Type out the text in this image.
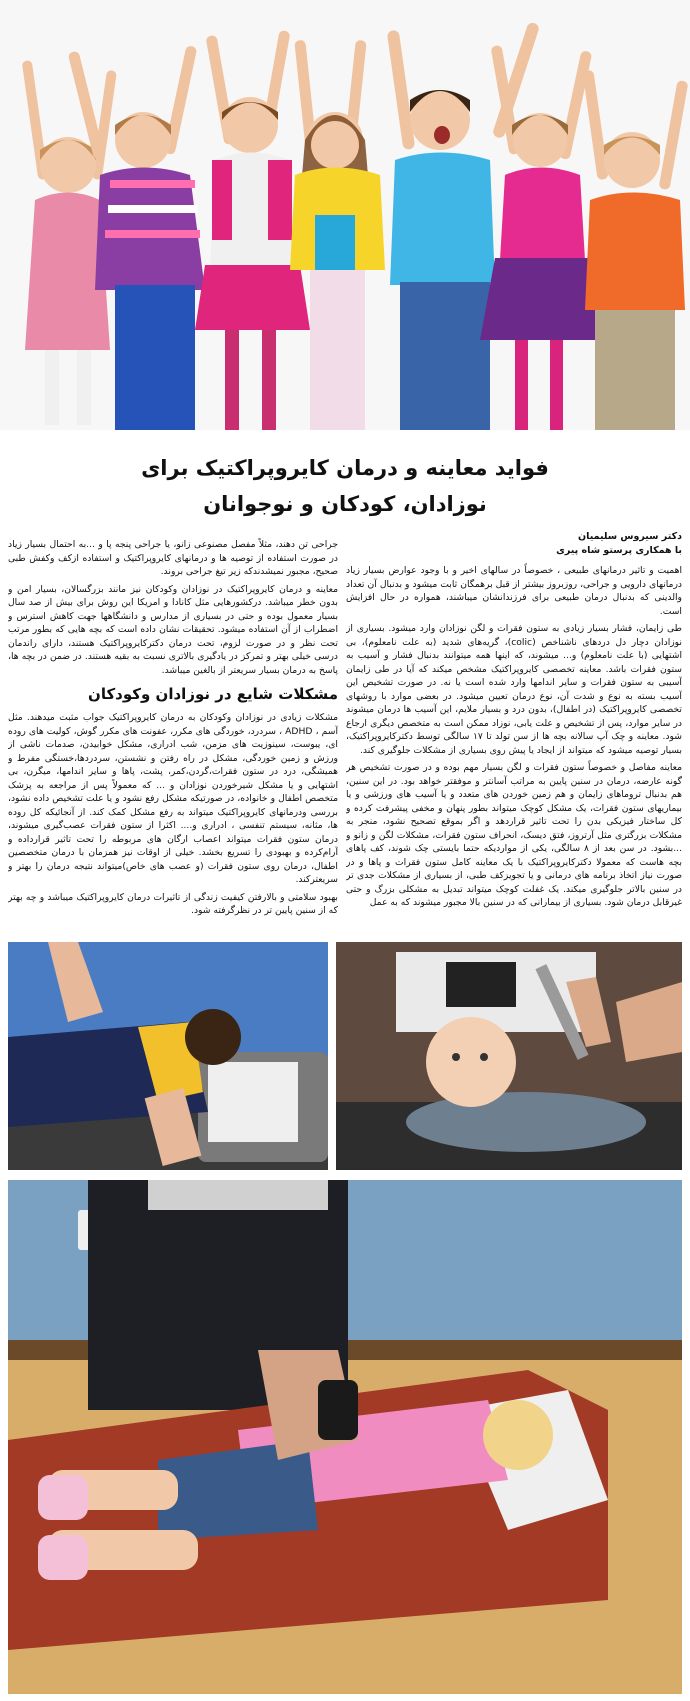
فواید معاینه و درمان کایروپراکتیک برای
نوزادان، کودکان و نوجوانان
دکتر سیروس سلیمیان
با همکاری پرستو شاه پیری

اهمیت و تاثیر درمانهای طبیعی ، خصوصاً در سالهای اخیر و با وجود عوارض بسیار زیاد درمانهای دارویی و جراحی، روزبروز بیشتر از قبل برهمگان ثابت میشود و بدنبال آن تعداد والدینی که بدنبال درمان طبیعی برای فرزندانشان میباشند، همواره در حال افزایش است.

طی زایمان، فشار بسیار زیادی به ستون فقرات و لگن نوزادان وارد میشود. بسیاری از نوزادان دچار دل دردهای ناشناخص (colic)، گریه‌های شدید (به علت نامعلوم)، بی اشتهایی (با علت نامعلوم) و... میشوند، که اینها همه میتوانند بدنبال فشار و آسیب به ستون فقرات باشد. معاینه تخصصی کایروپراکتیک مشخص میکند که آیا در طی زایمان آسیبی به ستون فقرات و سایر اندامها وارد شده است یا نه. در صورت تشخیص این آسیب بسته به نوع و شدت آن، نوع درمان تعیین میشود. در بعضی موارد با روشهای تخصصی کایروپراکتیک (در اطفال)، بدون درد و بسیار ملایم، این آسیب ها درمان میشوند در سایر موارد، پس از تشخیص و علت یابی، نوزاد ممکن است به متخصص دیگری ارجاع شود. معاینه و چک آپ سالانه بچه ها از سن تولد تا ۱۷ سالگی توسط دکترکایروپراکتیک، بسیار توصیه میشود که میتواند از ایجاد یا پیش روی بسیاری از مشکلات جلوگیری کند.

معاینه مفاصل و خصوصاً ستون فقرات و لگن بسیار مهم بوده و در صورت تشخیص هر گونه عارضه، درمان در سنین پایین به مراتب آسانتر و موفقتر خواهد بود. در این سنین، هم بدنبال تروماهای زایمان و هم زمین خوردن های متعدد و یا آسیب های ورزشی و یا بیماریهای ستون فقرات، یک مشکل کوچک میتواند بطور پنهان و مخفی پیشرفت کرده و کل ساختار فیزیکی بدن را تحت تاثیر قراردهد و اگر بموقع تصحیح نشود، منجر به مشکلات بزرگتری مثل آرتروز، فتق دیسک، انحراف ستون فقرات، مشکلات لگن و زانو و ...بشود. در سن بعد از ۸ سالگی، یکی از مواردیکه حتما بایستی چک شوند، کف پاهای بچه هاست که معمولا دکترکایروپراکتیک با یک معاینه کامل ستون فقرات و پاها و در صورت نیاز اتخاذ برنامه های درمانی و یا تجویزکف طبی، از بسیاری از مشکلات جدی تر در سنین بالاتر جلوگیری میکند. یک غفلت کوچک میتواند تبدیل به مشکلی بزرگ و حتی غیرقابل درمان شود. بسیاری از بیمارانی که در سنین بالا مجبور میشوند که به عمل

جراحی تن دهند، مثلاً مفصل مصنوعی زانو، یا جراحی پنجه پا و ...به احتمال بسیار زیاد در صورت استفاده از توصیه ها و درمانهای کایروپراکتیک و استفاده ازکف وکفش طبی صحیح، مجبور نمیشدندکه زیر تیغ جراحی بروند.

معاینه و درمان کایروپراکتیک در نوزادان وکودکان نیز مانند بزرگسالان، بسیار امن و بدون خطر میباشد. درکشورهایی مثل کانادا و امریکا این روش برای بیش از صد سال بسیار معمول بوده و حتی در بسیاری از مدارس و دانشگاهها جهت کاهش استرس و اضطراب از آن استفاده میشود. تحقیقات نشان داده است که بچه هایی که بطور مرتب تحت نظر و در صورت لزوم، تحت درمان دکترکایروپراکتیک هستند، دارای راندمان درسی خیلی بهتر و تمرکز در یادگیری بالاتری نسبت به بقیه هستند. در ضمن در بچه ها، پاسخ به درمان بسیار سریعتر از بالغین میباشد.

مشکلات شایع در نوزادان وکودکان

مشکلات زیادی در نوزادان وکودکان به درمان کایروپراکتیک جواب مثبت میدهند. مثل آسم ، ADHD ، سردرد، خوردگی های مکرر، عفونت های مکرر گوش، کولیت های روده ای، یبوست، سینوزیت های مزمن، شب ادراری، مشکل خوابیدن، صدمات ناشی از ورزش و زمین خوردگی، مشکل در راه رفتن و نشستن، سردردها،خستگی مفرط و همیشگی، درد در ستون فقرات،گردن،کمر، پشت، پاها و سایر اندامها، میگرن، بی اشتهایی و یا مشکل شیرخوردن نوزادان و ... که معمولاً پس از مراجعه به پزشک متخصص اطفال و خانواده، در صورتیکه مشکل رفع نشود و یا علت تشخیص داده نشود، بررسی ودرمانهای کایروپراکتیک میتواند به رفع مشکل کمک کند. از آنجائیکه کل روده ها، مثانه، سیستم تنفسی ، ادراری و.... اکثرا از ستون فقرات عصب‌گیری میشوند، درمان ستون فقرات میتواند اعصاب ارگان های مربوطه را تحت تاثیر قرارداده و آرام‌کرده و بهبودی را تسریع بخشد. خیلی از اوقات نیز همزمان با درمان متخصصین اطفال، درمان روی ستون فقرات (و عصب های خاص)میتواند نتیجه درمان را بهتر و سریعترکند.

بهبود سلامتی و بالارفتن کیفیت زندگی از تاثیرات درمان کایروپراکتیک میباشد و چه بهتر که از سنین پایین تر در نظرگرفته شود.
